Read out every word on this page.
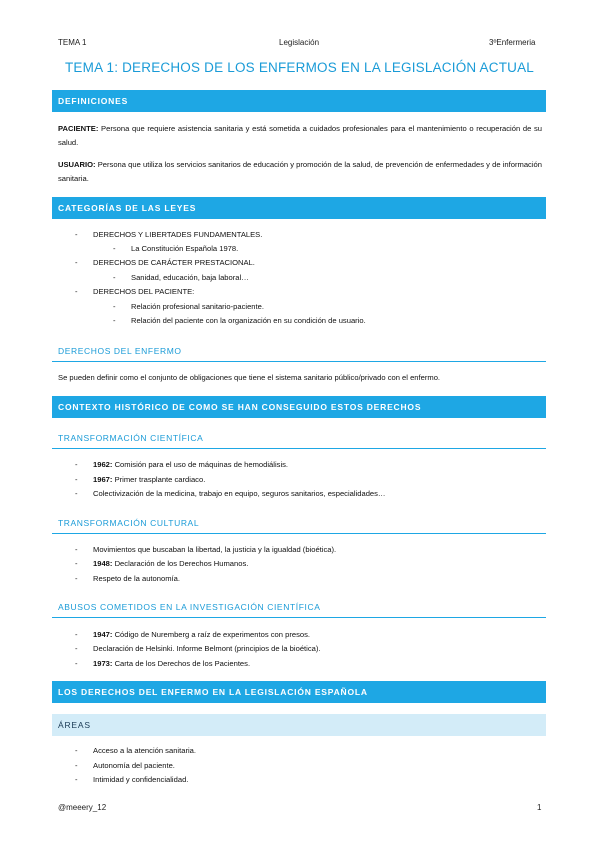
TEMA 1	Legislación	3ºEnfermeria
TEMA 1: DERECHOS DE LOS ENFERMOS EN LA LEGISLACIÓN ACTUAL
DEFINICIONES
PACIENTE: Persona que requiere asistencia sanitaria y está sometida a cuidados profesionales para el mantenimiento o recuperación de su salud.
USUARIO: Persona que utiliza los servicios sanitarios de educación y promoción de la salud, de prevención de enfermedades y de información sanitaria.
CATEGORÍAS DE LAS LEYES
- DERECHOS Y LIBERTADES FUNDAMENTALES.
- La Constitución Española 1978.
- DERECHOS DE CARÁCTER PRESTACIONAL.
- Sanidad, educación, baja laboral…
- DERECHOS DEL PACIENTE:
- Relación profesional sanitario-paciente.
- Relación del paciente con la organización en su condición de usuario.
DERECHOS DEL ENFERMO
Se pueden definir como el conjunto de obligaciones que tiene el sistema sanitario público/privado con el enfermo.
CONTEXTO HISTÓRICO DE COMO SE HAN CONSEGUIDO ESTOS DERECHOS
TRANSFORMACIÓN CIENTÍFICA
- 1962: Comisión para el uso de máquinas de hemodiálisis.
- 1967: Primer trasplante cardiaco.
- Colectivización de la medicina, trabajo en equipo, seguros sanitarios, especialidades…
TRANSFORMACIÓN CULTURAL
- Movimientos que buscaban la libertad, la justicia y la igualdad (bioética).
- 1948: Declaración de los Derechos Humanos.
- Respeto de la autonomía.
ABUSOS COMETIDOS EN LA INVESTIGACIÓN CIENTÍFICA
- 1947: Código de Nuremberg a raíz de experimentos con presos.
- Declaración de Helsinki. Informe Belmont (principios de la bioética).
- 1973: Carta de los Derechos de los Pacientes.
LOS DERECHOS DEL ENFERMO EN LA LEGISLACIÓN ESPAÑOLA
ÁREAS
- Acceso a la atención sanitaria.
- Autonomía del paciente.
- Intimidad y confidencialidad.
@meeery_12	1
